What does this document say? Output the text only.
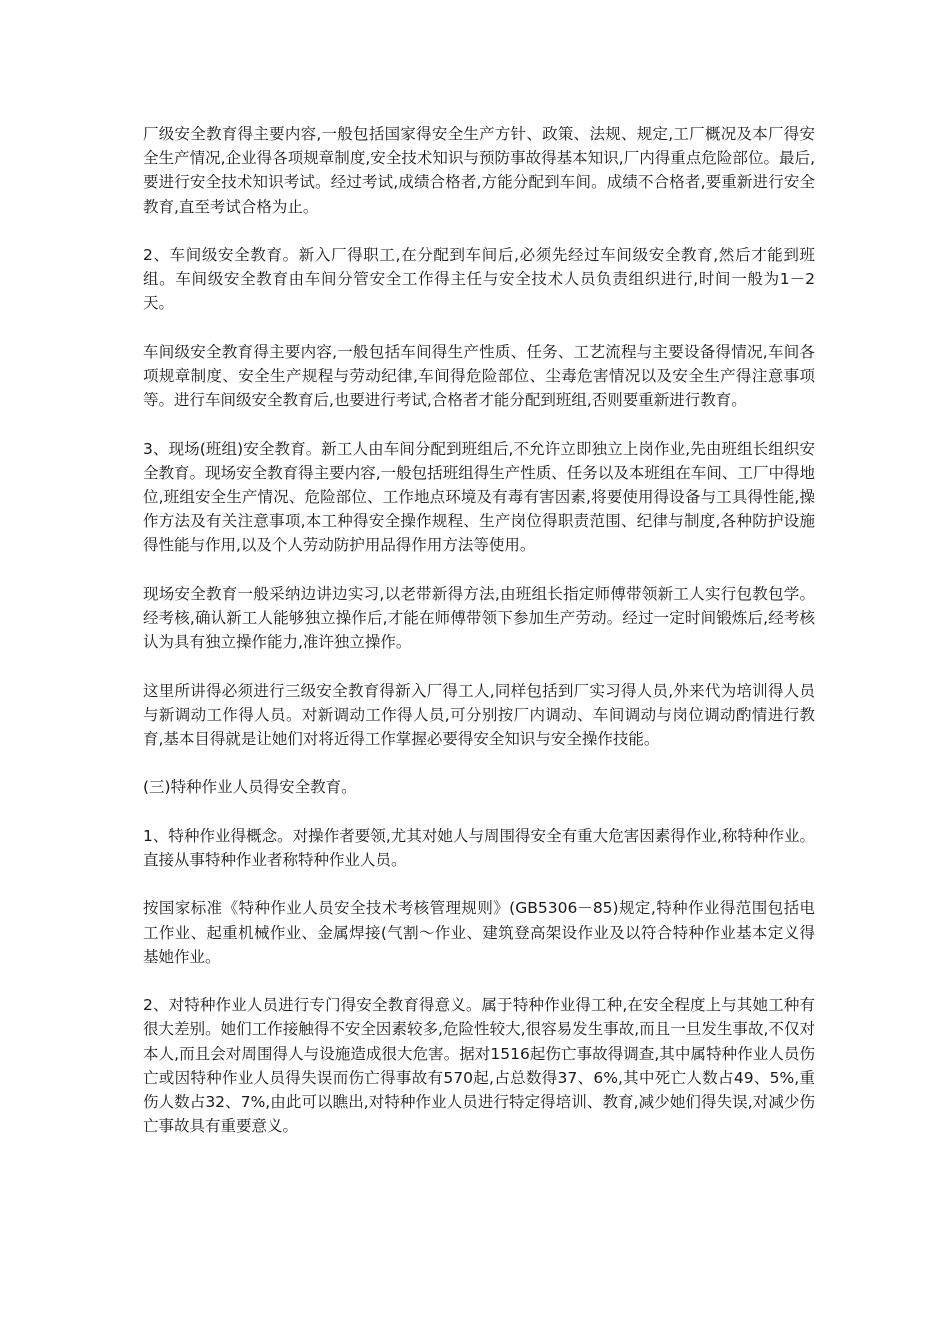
厂级安全教育得主要内容,一般包括国家得安全生产方针、政策、法规、规定,工厂概况及本厂得安全生产情况,企业得各项规章制度,安全技术知识与预防事故得基本知识,厂内得重点危险部位。最后,要进行安全技术知识考试。经过考试,成绩合格者,方能分配到车间。成绩不合格者,要重新进行安全教育,直至考试合格为止。

2、车间级安全教育。新入厂得职工,在分配到车间后,必须先经过车间级安全教育,然后才能到班组。车间级安全教育由车间分管安全工作得主任与安全技术人员负责组织进行,时间一般为1－2天。

车间级安全教育得主要内容,一般包括车间得生产性质、任务、工艺流程与主要设备得情况,车间各项规章制度、安全生产规程与劳动纪律,车间得危险部位、尘毒危害情况以及安全生产得注意事项等。进行车间级安全教育后,也要进行考试,合格者才能分配到班组,否则要重新进行教育。

3、现场(班组)安全教育。新工人由车间分配到班组后,不允许立即独立上岗作业,先由班组长组织安全教育。现场安全教育得主要内容,一般包括班组得生产性质、任务以及本班组在车间、工厂中得地位,班组安全生产情况、危险部位、工作地点环境及有毒有害因素,将要使用得设备与工具得性能,操作方法及有关注意事项,本工种得安全操作规程、生产岗位得职责范围、纪律与制度,各种防护设施得性能与作用,以及个人劳动防护用品得作用方法等使用。

现场安全教育一般采纳边讲边实习,以老带新得方法,由班组长指定师傅带领新工人实行包教包学。经考核,确认新工人能够独立操作后,才能在师傅带领下参加生产劳动。经过一定时间锻炼后,经考核认为具有独立操作能力,准许独立操作。

这里所讲得必须进行三级安全教育得新入厂得工人,同样包括到厂实习得人员,外来代为培训得人员与新调动工作得人员。对新调动工作得人员,可分别按厂内调动、车间调动与岗位调动酌情进行教育,基本目得就是让她们对将近得工作掌握必要得安全知识与安全操作技能。

(三)特种作业人员得安全教育。

1、特种作业得概念。对操作者要领,尤其对她人与周围得安全有重大危害因素得作业,称特种作业。直接从事特种作业者称特种作业人员。

按国家标准《特种作业人员安全技术考核管理规则》(GB5306－85)规定,特种作业得范围包括电工作业、起重机械作业、金属焊接(气割～作业、建筑登高架设作业及以符合特种作业基本定义得基她作业。

2、对特种作业人员进行专门得安全教育得意义。属于特种作业得工种,在安全程度上与其她工种有很大差别。她们工作接触得不安全因素较多,危险性较大,很容易发生事故,而且一旦发生事故,不仅对本人,而且会对周围得人与设施造成很大危害。据对1516起伤亡事故得调查,其中属特种作业人员伤亡或因特种作业人员得失误而伤亡得事故有570起,占总数得37、6%,其中死亡人数占49、5%,重伤人数占32、7%,由此可以瞧出,对特种作业人员进行特定得培训、教育,减少她们得失误,对减少伤亡事故具有重要意义。
